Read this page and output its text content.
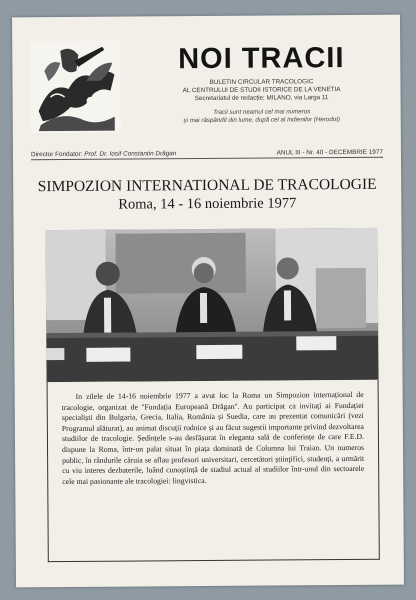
NOI TRACII
BULETIN CIRCULAR TRACOLOGIC
AL CENTRULUI DE STUDII ISTORICE DE LA VENETIA
Secretariatul de redacție: MILANO, via Larga 11
Tracii sunt neamul cel mai numeros
și mai răspândit din lume, după cel al Indienilor (Herodot)
Director Fondator: Prof. Dr. Iosif Constantin Drăgan	ANUL III - Nr. 40 - DECEMBRIE 1977
SIMPOZION INTERNATIONAL DE TRACOLOGIE
Roma, 14 - 16 noiembrie 1977

In zilele de 14-16 noiembrie 1977 a avut loc la Roma un Simpozion internațional de tracologie, organizat de ''Fundația Europeană Drăgan''. Au participat ca invitați ai Fundației specialiști din Bulgaria, Grecia, Italia, România și Suedia, care au prezentat comunicări (vezi Programul alăturat), au animat discuții rodnice și au făcut sugestii importante privind dezvoltarea studiilor de tracologie. Ședințele s-au desfășurat în eleganta sală de conferințe de care F.E.D. dispune la Roma, într-un palat situat în piața dominată de Columna lui Traian. Un numeros public, în rândurile căruia se aflau profesori universitari, cercetători științifici, studenți, a urmărit cu viu interes dezbaterile, luând cunoștință de stadiul actual al studiilor într-unul din sectoarele cele mai pasionante ale tracologiei: lingvistica.
